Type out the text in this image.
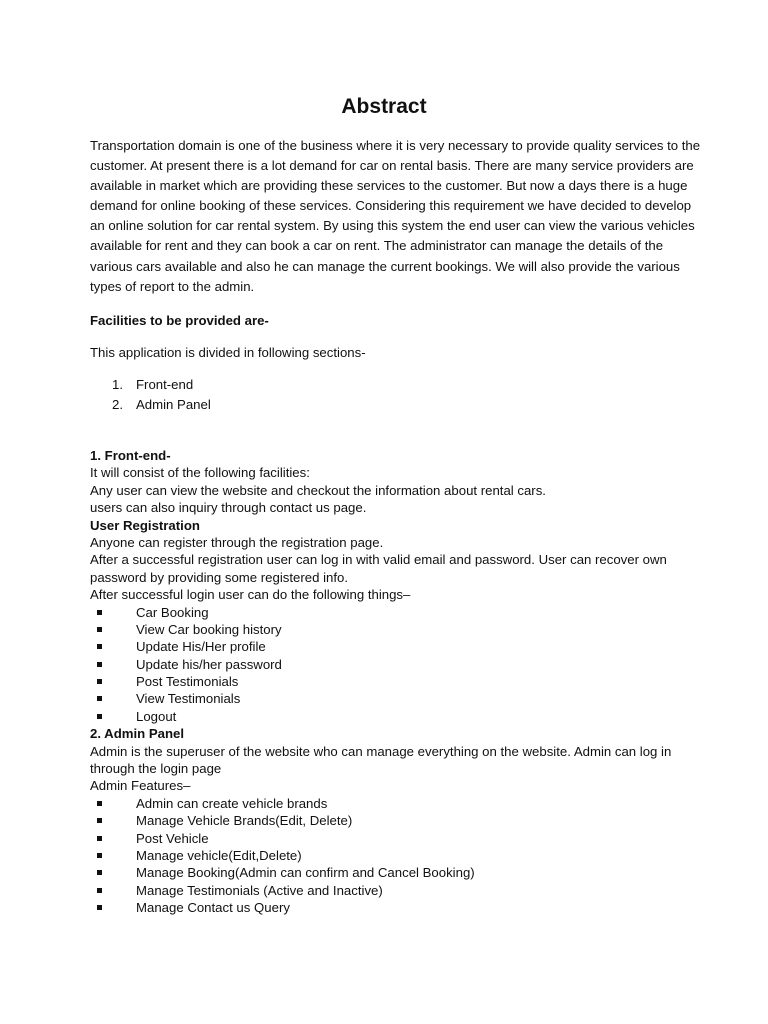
Abstract
Transportation domain is one of the business where it is very necessary to provide quality services to the
customer. At present there is a lot demand for car on rental basis. There are many service providers are
available in market which are providing these services to the customer. But now a days there is a huge
demand for online booking of these services. Considering this requirement we have decided to develop
an online solution for car rental system. By using this system the end user can view the various vehicles
available for rent and they can book a car on rent. The administrator can manage the details of the
various cars available and also he can manage the current bookings. We will also provide the various
types of report to the admin.
Facilities to be provided are-
This application is divided in following sections-
1. Front-end
2. Admin Panel
1. Front-end-
It will consist of the following facilities:
Any user can view the website and checkout the information about rental cars.
users can also inquiry through contact us page.
User Registration
Anyone can register through the registration page.
After a successful registration user can log in with valid email and password. User can recover own
password by providing some registered info.
After successful login user can do the following things–
Car Booking
View Car booking history
Update His/Her profile
Update his/her password
Post Testimonials
View Testimonials
Logout
2. Admin Panel
Admin is the superuser of the website who can manage everything on the website. Admin can log in
through the login page
Admin Features–
Admin can create vehicle brands
Manage Vehicle Brands(Edit, Delete)
Post Vehicle
Manage vehicle(Edit,Delete)
Manage Booking(Admin can confirm and Cancel Booking)
Manage Testimonials (Active and Inactive)
Manage Contact us Query
